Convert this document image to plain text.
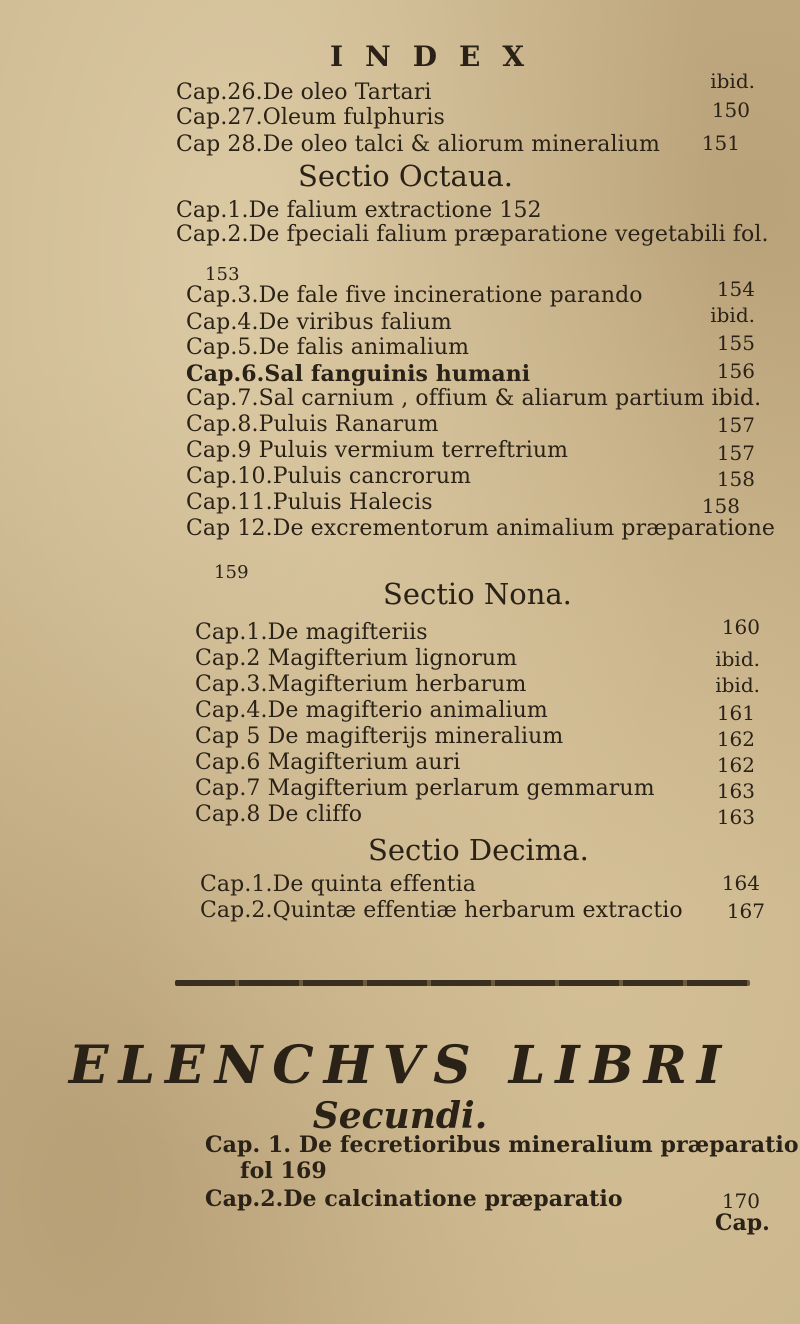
INDEX
Cap.26.De oleo Tartari	ibid.
Cap.27.Oleum fulphuris	150
Cap 28.De oleo talci & aliorum mineralium 151
Sectio Octaua.
Cap.1.De falium extractione 152
Cap.2.De fpeciali falium præparatione vegetabili fol.
153
Cap.3.De fale five incineratione parando	154
Cap.4.De viribus falium	ibid.
Cap.5.De falis animalium	155
Cap.6.Sal fanguinis humani	156
Cap.7.Sal carnium , offium & aliarum partium ibid.
Cap.8.Puluis Ranarum	157
Cap.9 Puluis vermium terreftrium	157
Cap.10.Puluis cancrorum	158
Cap.11.Puluis Halecis	158
Cap 12.De excrementorum animalium præparatione
159
Sectio Nona.
Cap.1.De magifteriis	160
Cap.2 Magifterium lignorum	ibid.
Cap.3.Magifterium herbarum	ibid.
Cap.4.De magifterio animalium	161
Cap 5 De magifterijs mineralium	162
Cap.6 Magifterium auri	162
Cap.7 Magifterium perlarum gemmarum	163
Cap.8 De cliffo	163
Sectio Decima.
Cap.1.De quinta effentia	164
Cap.2.Quintæ effentiæ herbarum extractio 167
ELENCHVS LIBRI
Secundi.
Cap. 1. De fecretioribus mineralium præparatio
fol 169
Cap.2.De calcinatione præparatio	170
Cap.
